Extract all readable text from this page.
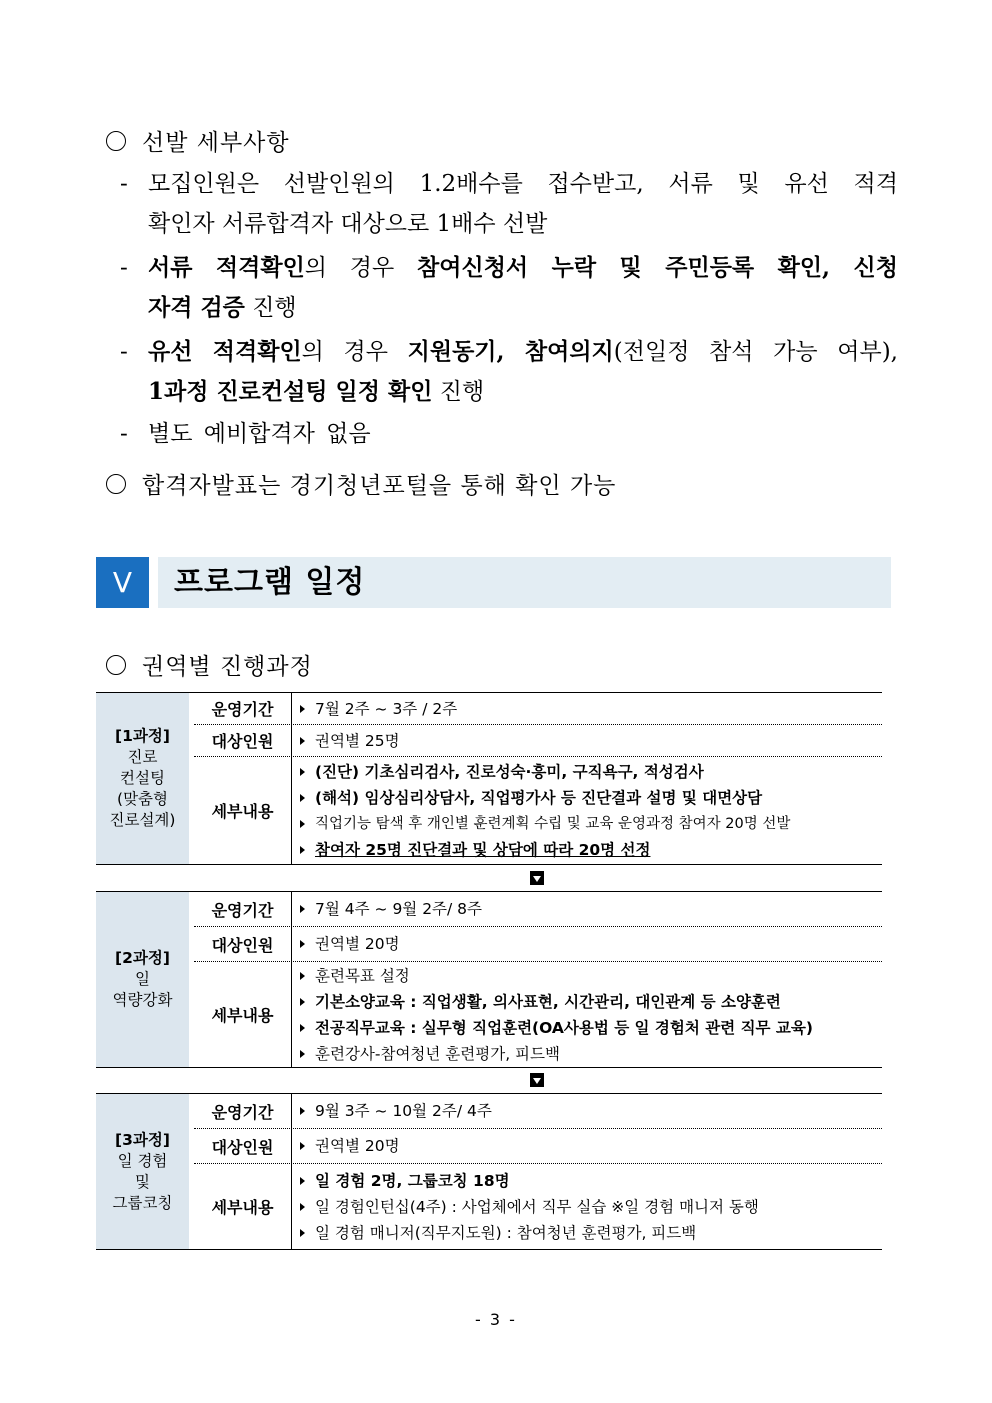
선발 세부사항
- 모집인원은 선발인원의 1.2배수를 접수받고, 서류 및 유선 적격
확인자 서류합격자 대상으로 1배수 선발
- 서류 적격확인의 경우 참여신청서 누락 및 주민등록 확인, 신청
자격 검증 진행
- 유선 적격확인의 경우 지원동기, 참여의지(전일정 참석 가능 여부),
1과정 진로컨설팅 일정 확인 진행
- 별도 예비합격자 없음
합격자발표는 경기청년포털을 통해 확인 가능
Ⅴ	프로그램 일정
권역별 진행과정
[1과정]
진로
컨설팅
(맞춤형
진로설계)
운영기간	7월 2주 ~ 3주 / 2주
대상인원	권역별 25명
세부내용
(진단) 기초심리검사, 진로성숙·흥미, 구직욕구, 적성검사
(해석) 임상심리상담사, 직업평가사 등 진단결과 설명 및 대면상담
직업기능 탐색 후 개인별 훈련계획 수립 및 교육 운영과정 참여자 20명 선발
참여자 25명 진단결과 및 상담에 따라 20명 선정
[2과정]
일
역량강화
운영기간	7월 4주 ~ 9월 2주/ 8주
대상인원	권역별 20명
세부내용
훈련목표 설정
기본소양교육 : 직업생활, 의사표현, 시간관리, 대인관계 등 소양훈련
전공직무교육 : 실무형 직업훈련(OA사용법 등 일 경험처 관련 직무 교육)
훈련강사-참여청년 훈련평가, 피드백
[3과정]
일 경험
및
그룹코칭
운영기간	9월 3주 ~ 10월 2주/ 4주
대상인원	권역별 20명
세부내용
일 경험 2명, 그룹코칭 18명
일 경험인턴십(4주) : 사업체에서 직무 실습 ※일 경험 매니저 동행
일 경험 매니저(직무지도원) : 참여청년 훈련평가, 피드백
- 3 -
